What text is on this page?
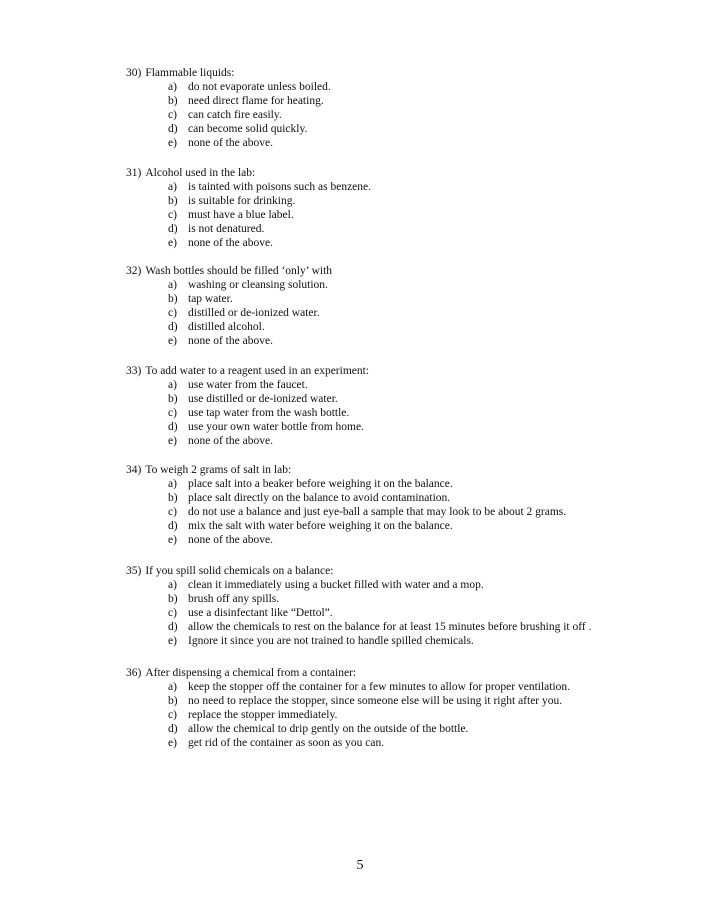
30) Flammable liquids:
a) do not evaporate unless boiled.
b) need direct flame for heating.
c) can catch fire easily.
d) can become solid quickly.
e) none of the above.
31) Alcohol used in the lab:
a) is tainted with poisons such as benzene.
b) is suitable for drinking.
c) must have a blue label.
d) is not denatured.
e) none of the above.
32) Wash bottles should be filled ‘only’ with
a) washing or cleansing solution.
b) tap water.
c) distilled or de-ionized water.
d) distilled alcohol.
e) none of the above.
33) To add water to a reagent used in an experiment:
a) use water from the faucet.
b) use distilled or de-ionized water.
c) use tap water from the wash bottle.
d) use your own water bottle from home.
e) none of the above.
34) To weigh 2 grams of salt in lab:
a) place salt into a beaker before weighing it on the balance.
b) place salt directly on the balance to avoid contamination.
c) do not use a balance and just eye-ball a sample that may look to be about 2 grams.
d) mix the salt with water before weighing it on the balance.
e) none of the above.
35) If you spill solid chemicals on a balance:
a) clean it immediately using a bucket filled with water and a mop.
b) brush off any spills.
c) use a disinfectant like “Dettol”.
d) allow the chemicals to rest on the balance for at least 15 minutes before brushing it off .
e) Ignore it since you are not trained to handle spilled chemicals.
36) After dispensing a chemical from a container:
a) keep the stopper off the container for a few minutes to allow for proper ventilation.
b) no need to replace the stopper, since someone else will be using it right after you.
c) replace the stopper immediately.
d) allow the chemical to drip gently on the outside of the bottle.
e) get rid of the container as soon as you can.
5
